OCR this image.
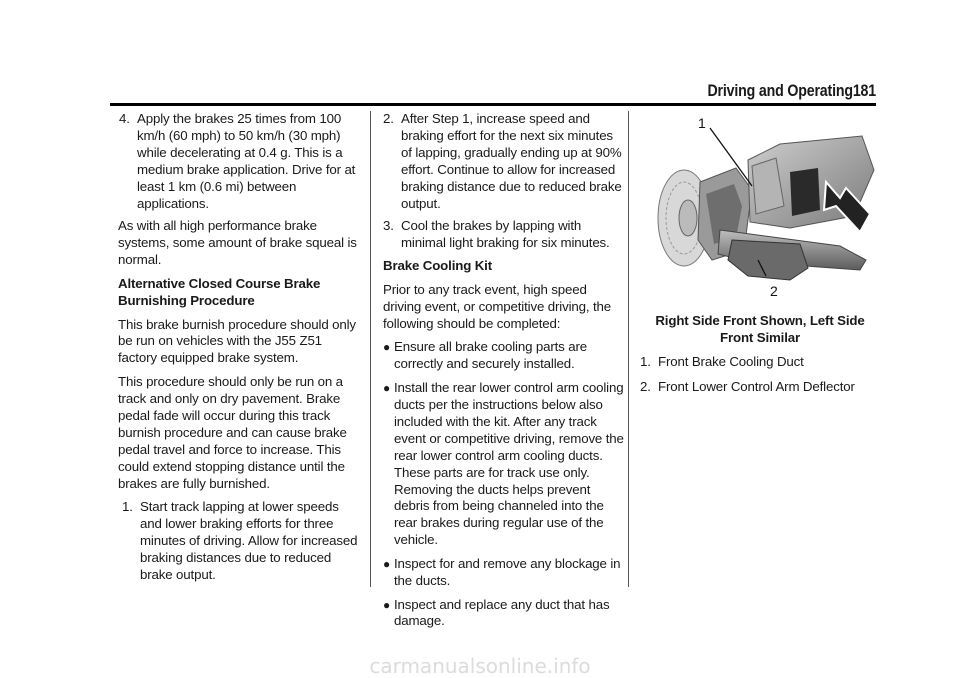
Driving and Operating 181
4. Apply the brakes 25 times from 100 km/h (60 mph) to 50 km/h (30 mph) while decelerating at 0.4 g. This is a medium brake application. Drive for at least 1 km (0.6 mi) between applications.

As with all high performance brake systems, some amount of brake squeal is normal.

Alternative Closed Course Brake Burnishing Procedure

This brake burnish procedure should only be run on vehicles with the J55 Z51 factory equipped brake system.

This procedure should only be run on a track and only on dry pavement. Brake pedal fade will occur during this track burnish procedure and can cause brake pedal travel and force to increase. This could extend stopping distance until the brakes are fully burnished.

1. Start track lapping at lower speeds and lower braking efforts for three minutes of driving. Allow for increased braking distances due to reduced brake output.
2. After Step 1, increase speed and braking effort for the next six minutes of lapping, gradually ending up at 90% effort. Continue to allow for increased braking distance due to reduced brake output.
3. Cool the brakes by lapping with minimal light braking for six minutes.

Brake Cooling Kit

Prior to any track event, high speed driving event, or competitive driving, the following should be completed:

● Ensure all brake cooling parts are correctly and securely installed.
● Install the rear lower control arm cooling ducts per the instructions below also included with the kit. After any track event or competitive driving, remove the rear lower control arm cooling ducts. These parts are for track use only. Removing the ducts helps prevent debris from being channeled into the rear brakes during regular use of the vehicle.
● Inspect for and remove any blockage in the ducts.
● Inspect and replace any duct that has damage.
1
2

Right Side Front Shown, Left Side Front Similar

1. Front Brake Cooling Duct
2. Front Lower Control Arm Deflector
carmanualsonline.info
